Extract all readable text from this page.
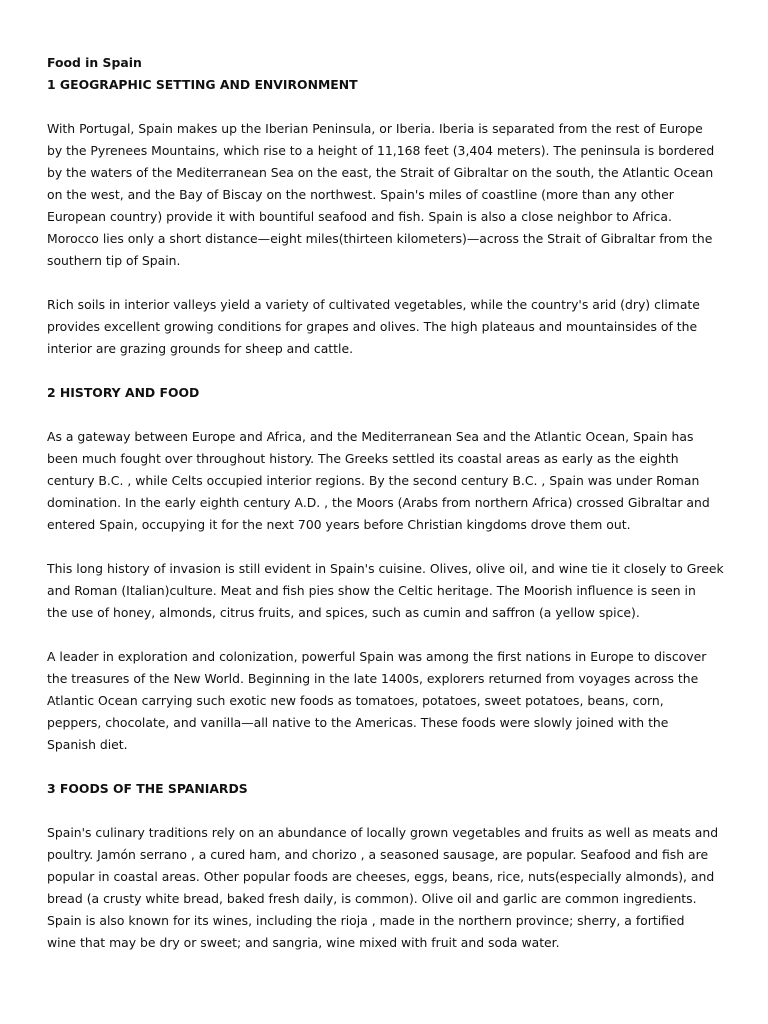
Food in Spain

1 GEOGRAPHIC SETTING AND ENVIRONMENT

With Portugal, Spain makes up the Iberian Peninsula, or Iberia. Iberia is separated from the rest of Europe

by the Pyrenees Mountains, which rise to a height of 11,168 feet (3,404 meters). The peninsula is bordered

by the waters of the Mediterranean Sea on the east, the Strait of Gibraltar on the south, the Atlantic Ocean

on the west, and the Bay of Biscay on the northwest. Spain's miles of coastline (more than any other

European country) provide it with bountiful seafood and fish. Spain is also a close neighbor to Africa.

Morocco lies only a short distance—eight miles(thirteen kilometers)—across the Strait of Gibraltar from the

southern tip of Spain.

Rich soils in interior valleys yield a variety of cultivated vegetables, while the country's arid (dry) climate

provides excellent growing conditions for grapes and olives. The high plateaus and mountainsides of the

interior are grazing grounds for sheep and cattle.

2 HISTORY AND FOOD

As a gateway between Europe and Africa, and the Mediterranean Sea and the Atlantic Ocean, Spain has

been much fought over throughout history. The Greeks settled its coastal areas as early as the eighth

century B.C. , while Celts occupied interior regions. By the second century B.C. , Spain was under Roman

domination. In the early eighth century A.D. , the Moors (Arabs from northern Africa) crossed Gibraltar and

entered Spain, occupying it for the next 700 years before Christian kingdoms drove them out.

This long history of invasion is still evident in Spain's cuisine. Olives, olive oil, and wine tie it closely to Greek

and Roman (Italian)culture. Meat and fish pies show the Celtic heritage. The Moorish influence is seen in

the use of honey, almonds, citrus fruits, and spices, such as cumin and saffron (a yellow spice).

A leader in exploration and colonization, powerful Spain was among the first nations in Europe to discover

the treasures of the New World. Beginning in the late 1400s, explorers returned from voyages across the

Atlantic Ocean carrying such exotic new foods as tomatoes, potatoes, sweet potatoes, beans, corn,

peppers, chocolate, and vanilla—all native to the Americas. These foods were slowly joined with the

Spanish diet.

3 FOODS OF THE SPANIARDS

Spain's culinary traditions rely on an abundance of locally grown vegetables and fruits as well as meats and

poultry. Jamón serrano , a cured ham, and chorizo , a seasoned sausage, are popular. Seafood and fish are

popular in coastal areas. Other popular foods are cheeses, eggs, beans, rice, nuts(especially almonds), and

bread (a crusty white bread, baked fresh daily, is common). Olive oil and garlic are common ingredients.

Spain is also known for its wines, including the rioja , made in the northern province; sherry, a fortified

wine that may be dry or sweet; and sangria, wine mixed with fruit and soda water.
